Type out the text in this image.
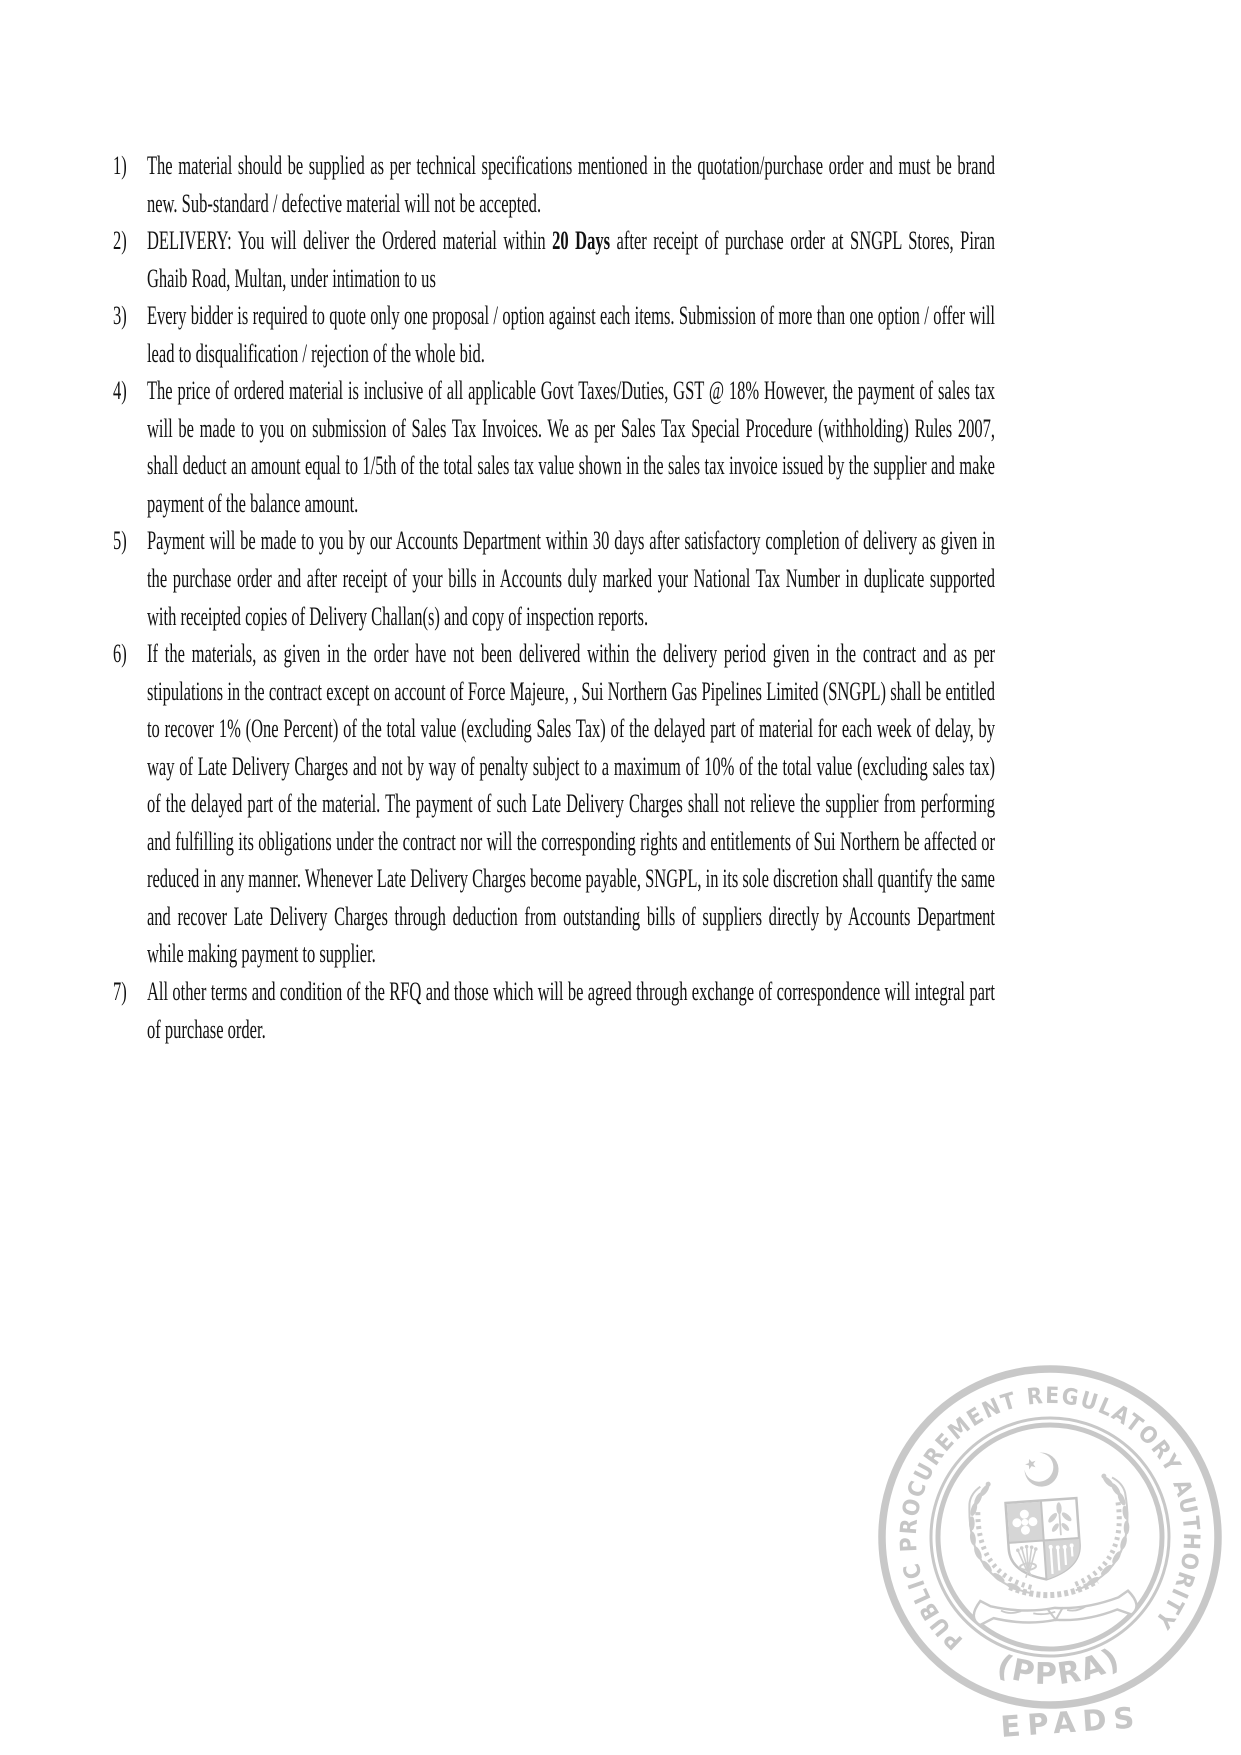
1) The material should be supplied as per technical specifications mentioned in the quotation/purchase order and must be brand new. Sub-standard / defective material will not be accepted.
2) DELIVERY: You will deliver the Ordered material within 20 Days after receipt of purchase order at SNGPL Stores, Piran Ghaib Road, Multan, under intimation to us
3) Every bidder is required to quote only one proposal / option against each items. Submission of more than one option / offer will lead to disqualification / rejection of the whole bid.
4) The price of ordered material is inclusive of all applicable Govt Taxes/Duties, GST @ 18% However, the payment of sales tax will be made to you on submission of Sales Tax Invoices. We as per Sales Tax Special Procedure (withholding) Rules 2007, shall deduct an amount equal to 1/5th of the total sales tax value shown in the sales tax invoice issued by the supplier and make payment of the balance amount.
5) Payment will be made to you by our Accounts Department within 30 days after satisfactory completion of delivery as given in the purchase order and after receipt of your bills in Accounts duly marked your National Tax Number in duplicate supported with receipted copies of Delivery Challan(s) and copy of inspection reports.
6) If the materials, as given in the order have not been delivered within the delivery period given in the contract and as per stipulations in the contract except on account of Force Majeure, , Sui Northern Gas Pipelines Limited (SNGPL) shall be entitled to recover 1% (One Percent) of the total value (excluding Sales Tax) of the delayed part of material for each week of delay, by way of Late Delivery Charges and not by way of penalty subject to a maximum of 10% of the total value (excluding sales tax) of the delayed part of the material. The payment of such Late Delivery Charges shall not relieve the supplier from performing and fulfilling its obligations under the contract nor will the corresponding rights and entitlements of Sui Northern be affected or reduced in any manner. Whenever Late Delivery Charges become payable, SNGPL, in its sole discretion shall quantify the same and recover Late Delivery Charges through deduction from outstanding bills of suppliers directly by Accounts Department while making payment to supplier.
7) All other terms and condition of the RFQ and those which will be agreed through exchange of correspondence will integral part of purchase order.
PUBLIC PROCUREMENT REGULATORY AUTHORITY
(PPRA)
EPADS
